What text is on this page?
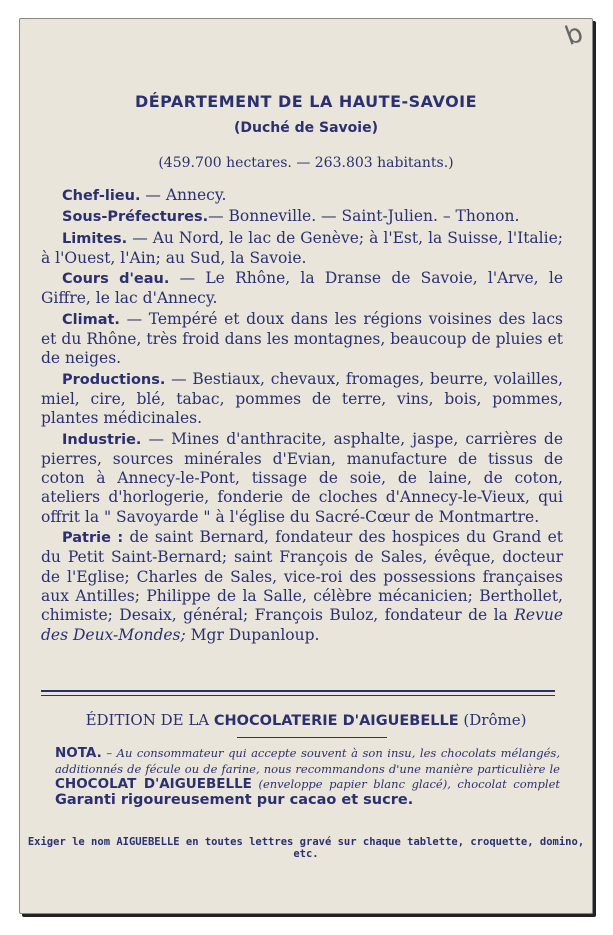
b
DÉPARTEMENT DE LA HAUTE-SAVOIE
(Duché de Savoie)
(459.700 hectares. — 263.803 habitants.)

Chef-lieu. — Annecy.

Sous-Préfectures.— Bonneville. — Saint-Julien. – Thonon.

Limites. — Au Nord, le lac de Genève; à l'Est, la Suisse, l'Italie; à l'Ouest, l'Ain; au Sud, la Savoie.

Cours d'eau. — Le Rhône, la Dranse de Savoie, l'Arve, le Giffre, le lac d'Annecy.

Climat. — Tempéré et doux dans les régions voisines des lacs et du Rhône, très froid dans les montagnes, beaucoup de pluies et de neiges.

Productions. — Bestiaux, chevaux, fromages, beurre, volailles, miel, cire, blé, tabac, pommes de terre, vins, bois, pommes, plantes médicinales.

Industrie. — Mines d'anthracite, asphalte, jaspe, carrières de pierres, sources minérales d'Evian, manufacture de tissus de coton à Annecy-le-Pont, tissage de soie, de laine, de coton, ateliers d'horlogerie, fonderie de cloches d'Annecy-le-Vieux, qui offrit la " Savoyarde " à l'église du Sacré-Cœur de Montmartre.

Patrie : de saint Bernard, fondateur des hospices du Grand et du Petit Saint-Bernard; saint François de Sales, évêque, docteur de l'Eglise; Charles de Sales, vice-roi des possessions françaises aux Antilles; Philippe de la Salle, célèbre mécanicien; Berthollet, chimiste; Desaix, général; François Buloz, fondateur de la Revue des Deux-Mondes; Mgr Dupanloup.

ÉDITION DE LA CHOCOLATERIE D'AIGUEBELLE (Drôme)
NOTA. – Au consommateur qui accepte souvent à son insu, les chocolats mélangés, additionnés de fécule ou de farine, nous recommandons d'une manière particulière le CHOCOLAT D'AIGUEBELLE (enveloppe papier blanc glacé), chocolat complet Garanti rigoureusement pur cacao et sucre.
Exiger le nom AIGUEBELLE en toutes lettres gravé sur chaque tablette, croquette, domino, etc.
